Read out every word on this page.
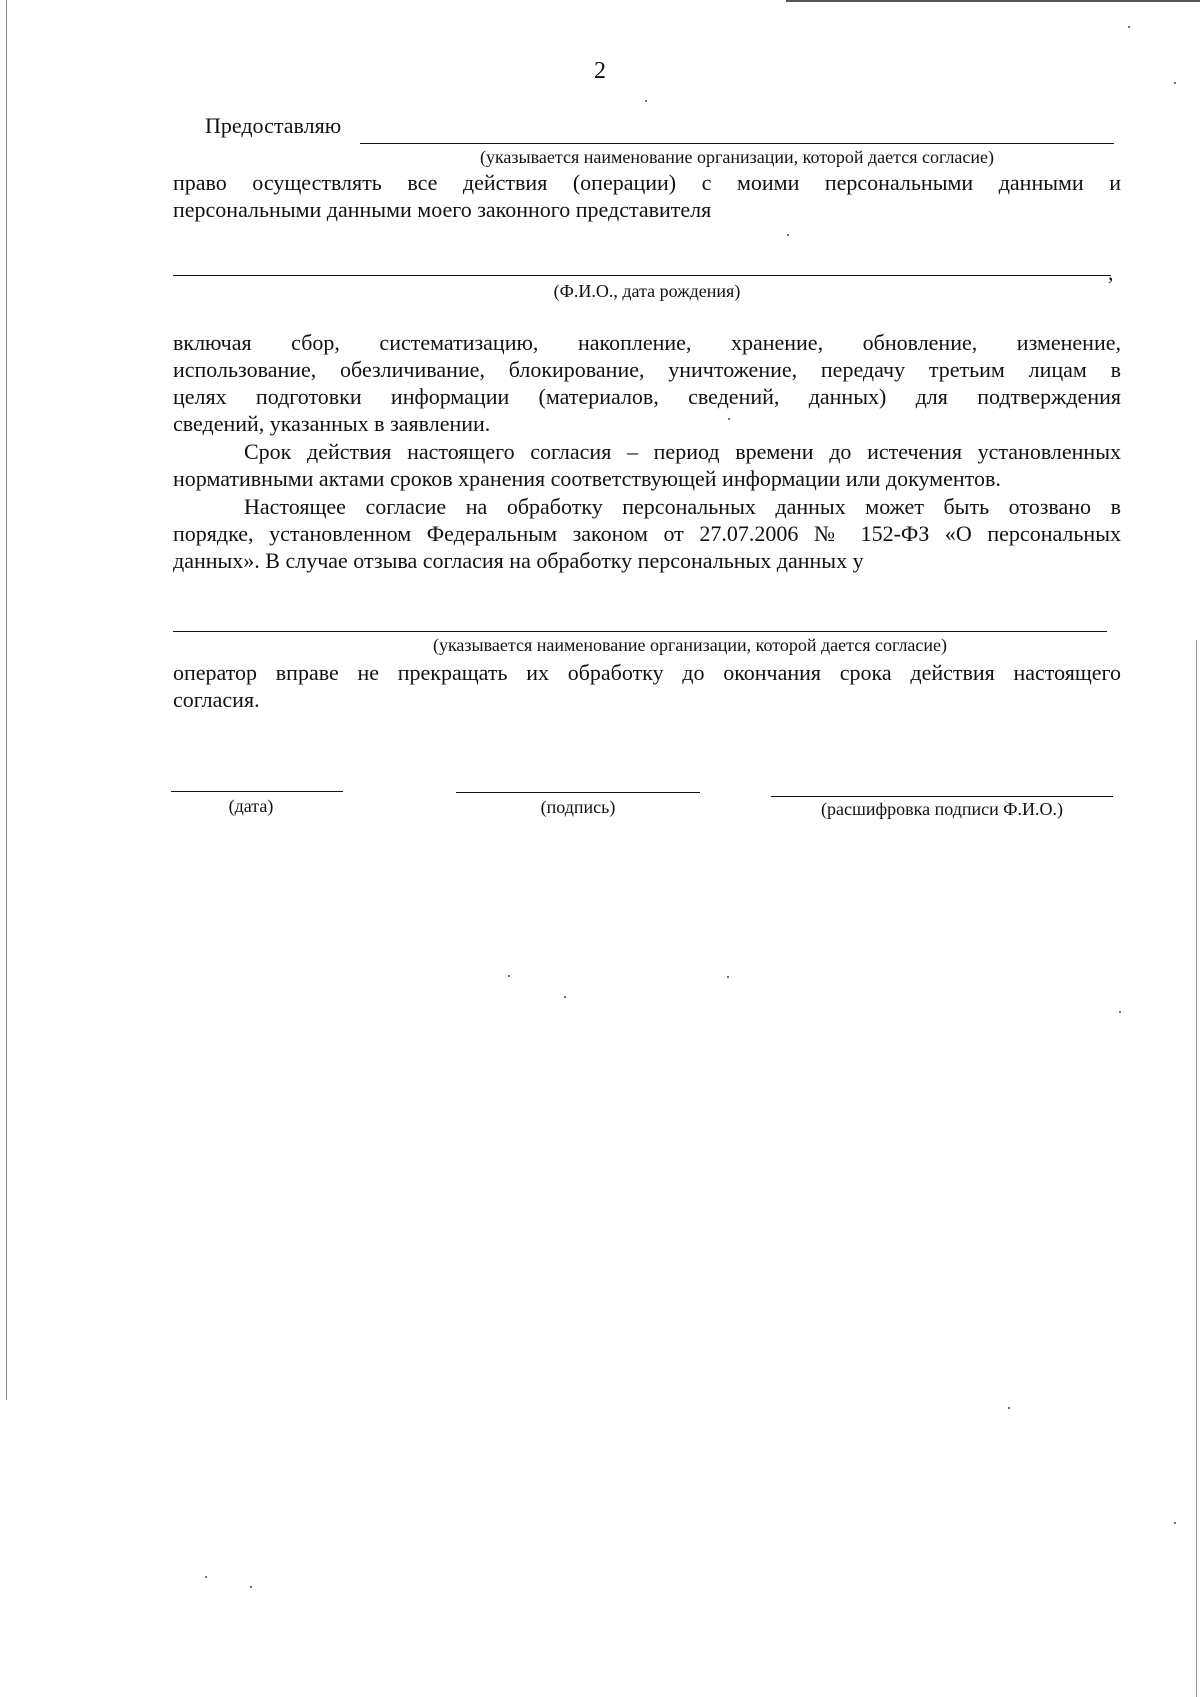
2
Предоставляю
(указывается наименование организации, которой дается согласие)
право осуществлять все действия (операции) с моими персональными данными и
персональными данными моего законного представителя
,
(Ф.И.О., дата рождения)
включая сбор, систематизацию, накопление, хранение, обновление, изменение,
использование, обезличивание, блокирование, уничтожение, передачу третьим лицам в
целях подготовки информации (материалов, сведений, данных) для подтверждения
сведений, указанных в заявлении.
Срок действия настоящего согласия – период времени до истечения установленных
нормативными актами сроков хранения соответствующей информации или документов.
Настоящее согласие на обработку персональных данных может быть отозвано в
порядке, установленном Федеральным законом от 27.07.2006 № 152-ФЗ «О персональных
данных». В случае отзыва согласия на обработку персональных данных у
(указывается наименование организации, которой дается согласие)
оператор вправе не прекращать их обработку до окончания срока действия настоящего
согласия.
(дата)	(подпись)	(расшифровка подписи Ф.И.О.)
